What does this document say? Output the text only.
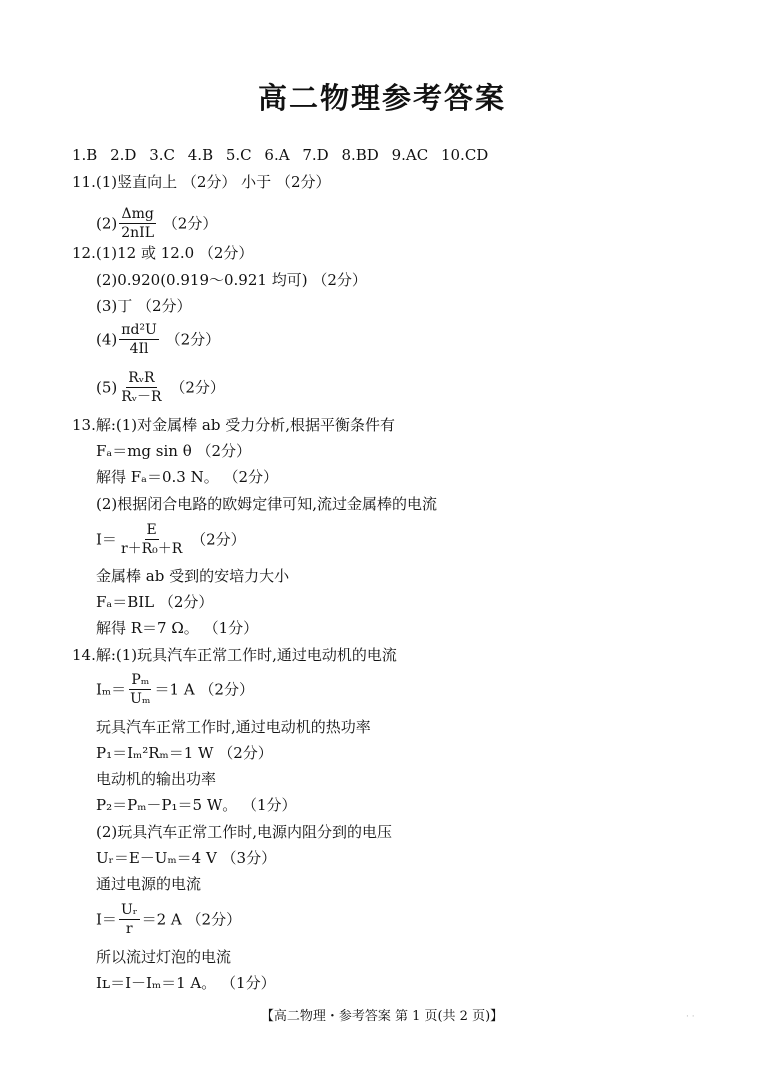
高二物理参考答案
1.B 2.D 3.C 4.B 5.C 6.A 7.D 8.BD 9.AC 10.CD
11.(1)竖直向上 （2分） 小于 （2分）
$(2) \frac{\text{Δmg}}{\text{2nIL}} (2$分）
12.(1)12 或 12.0 （2分）
(2)0.920(0.919～0.921 均可) （2分）
(3)丁 （2分）
$(4) \frac{\text{πd²U}}{4Il} (2$分）
$(5) \frac{\text{RᵥR}}{\text{Rᵥ－R}} (2$分）
13.解:(1)对金属棒 ab 受力分析,根据平衡条件有
Fₐ＝mg sin θ （2分）
解得 Fₐ＝0.3 N。 （2分）
(2)根据闭合电路的欧姆定律可知,流过金属棒的电流
$I= \frac{E}{\text{r＋R₀＋R}} (2$分）
金属棒 ab 受到的安培力大小
Fₐ＝BIL （2分）
解得 R＝7 Ω。 （1分）
14.解:(1)玩具汽车正常工作时,通过电动机的电流
$I_m= \frac{\text{Pₘ}}{\text{Uₘ}} =1$ A （2分）
玩具汽车正常工作时,通过电动机的热功率
P₁＝Iₘ²Rₘ＝1 W （2分）
电动机的输出功率
P₂＝Pₘ－P₁＝5 W。 （1分）
(2)玩具汽车正常工作时,电源内阻分到的电压
Uᵣ＝E－Uₘ＝4 V （3分）
通过电源的电流
$I= \frac{\text{Uᵣ}}{r} =2$ A （2分）
所以流过灯泡的电流
Iʟ＝I－Iₘ＝1 A。 （1分）
【高二物理・参考答案 第 1 页(共 2 页)】	· ·
